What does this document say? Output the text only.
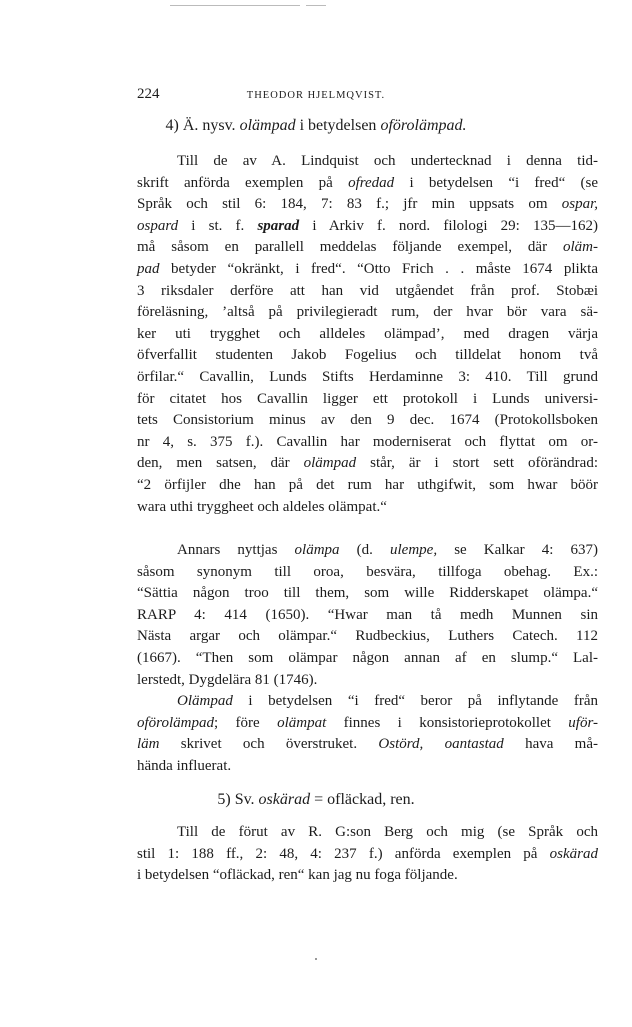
224	THEODOR HJELMQVIST.
4) Ä. nysv. olämpad i betydelsen oförolämpad.
5) Sv. oskärad = ofläckad, ren.
Till de av A. Lindquist och undertecknad i denna tid-
skrift anförda exemplen på ofredad i betydelsen “i fred“ (se
Språk och stil 6: 184, 7: 83 f.; jfr min uppsats om ospar,
ospard i st. f. sparad i Arkiv f. nord. filologi 29: 135—162)
må såsom en parallell meddelas följande exempel, där oläm-
pad betyder “okränkt, i fred“. “Otto Frich . . måste 1674 plikta
3 riksdaler derföre att han vid utgåendet från prof. Stobæi
föreläsning, ’altså på privilegieradt rum, der hvar bör vara sä-
ker uti trygghet och alldeles olämpad’, med dragen värja
öfverfallit studenten Jakob Fogelius och tilldelat honom två
örfilar.“ Cavallin, Lunds Stifts Herdaminne 3: 410. Till grund
för citatet hos Cavallin ligger ett protokoll i Lunds universi-
tets Consistorium minus av den 9 dec. 1674 (Protokollsboken
nr 4, s. 375 f.). Cavallin har moderniserat och flyttat om or-
den, men satsen, där olämpad står, är i stort sett oförändrad:
“2 örfijler dhe han på det rum har uthgifwit, som hwar böör
wara uthi tryggheet och aldeles olämpat.“
Annars nyttjas olämpa (d. ulempe, se Kalkar 4: 637)
såsom synonym till oroa, besvära, tillfoga obehag. Ex.:
“Sättia någon troo till them, som wille Ridderskapet olämpa.“
RARP 4: 414 (1650). “Hwar man tå medh Munnen sin
Nästa argar och olämpar.“ Rudbeckius, Luthers Catech. 112
(1667). “Then som olämpar någon annan af en slump.“ Lal-
lerstedt, Dygdelära 81 (1746).
Olämpad i betydelsen “i fred“ beror på inflytande från
oförolämpad; före olämpat finnes i konsistorieprotokollet uför-
läm skrivet och överstruket. Ostörd, oantastad hava må-
hända influerat.
Till de förut av R. G:son Berg och mig (se Språk och
stil 1: 188 ff., 2: 48, 4: 237 f.) anförda exemplen på oskärad
i betydelsen “ofläckad, ren“ kan jag nu foga följande.
